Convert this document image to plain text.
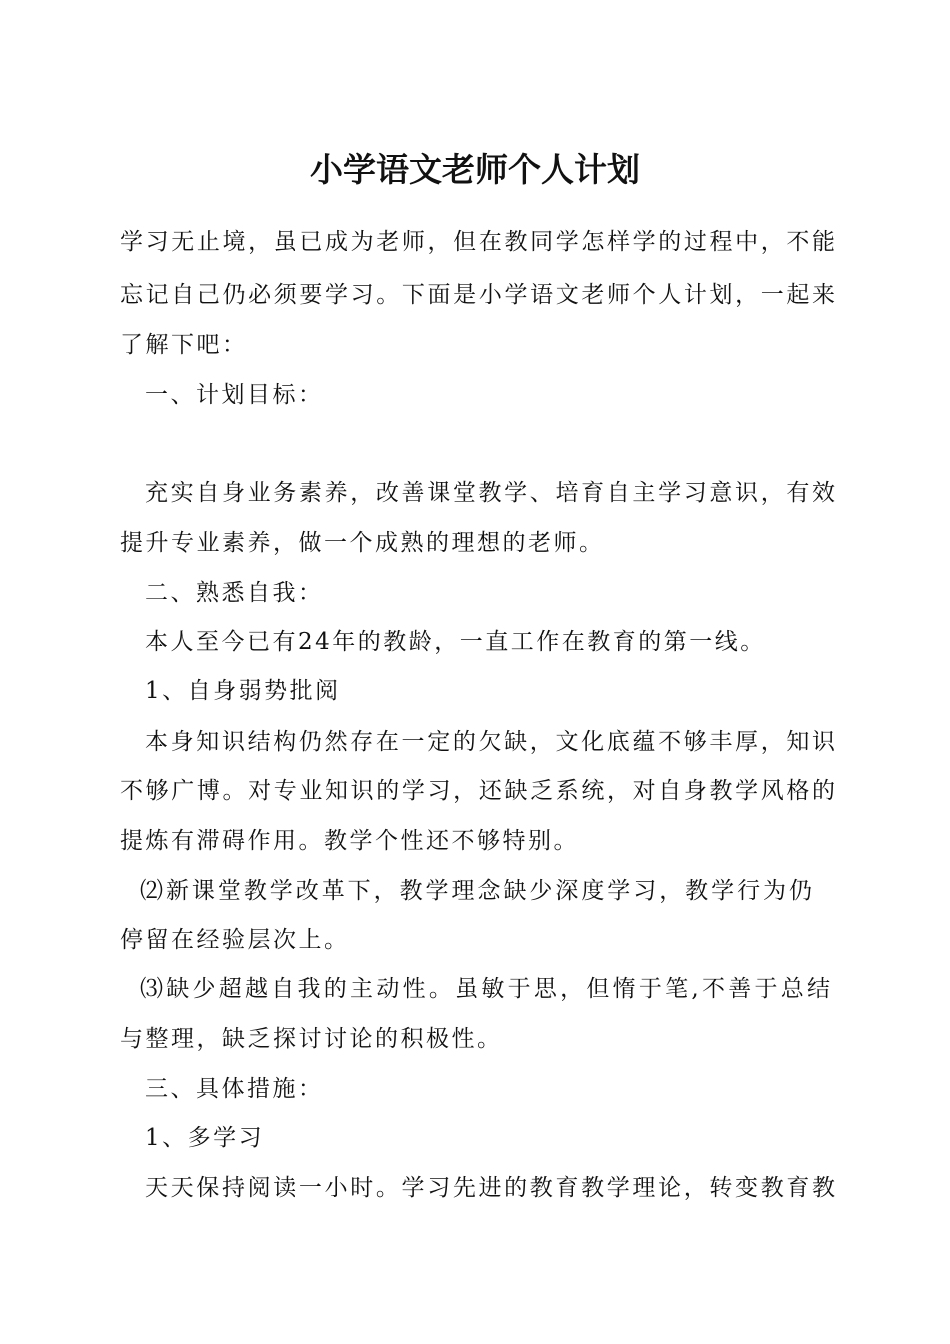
小学语文老师个人计划
学习无止境，虽已成为老师，但在教同学怎样学的过程中，不能
忘记自己仍必须要学习。下面是小学语文老师个人计划，一起来
了解下吧：
一、计划目标：
充实自身业务素养，改善课堂教学、培育自主学习意识，有效
提升专业素养，做一个成熟的理想的老师。
二、熟悉自我：
本人至今已有24年的教龄，一直工作在教育的第一线。
1、自身弱势批阅
本身知识结构仍然存在一定的欠缺，文化底蕴不够丰厚，知识
不够广博。对专业知识的学习，还缺乏系统，对自身教学风格的
提炼有滞碍作用。教学个性还不够特别。
⑵新课堂教学改革下，教学理念缺少深度学习，教学行为仍
停留在经验层次上。
⑶缺少超越自我的主动性。虽敏于思，但惰于笔,不善于总结
与整理，缺乏探讨讨论的积极性。
三、具体措施：
1、多学习
天天保持阅读一小时。学习先进的教育教学理论，转变教育教
